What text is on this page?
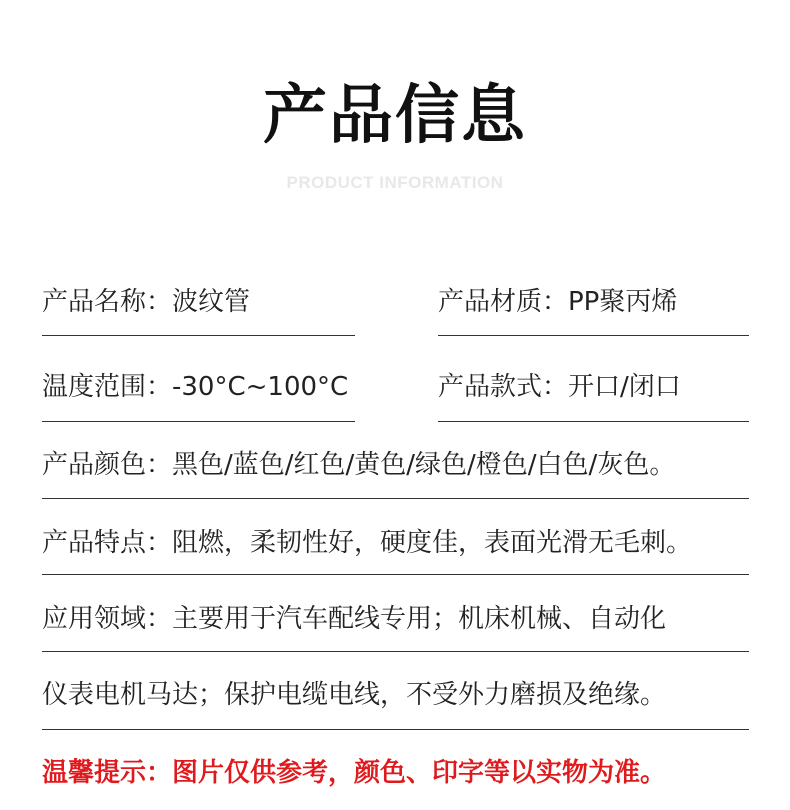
产品信息
PRODUCT INFORMATION
产品名称：波纹管	产品材质：PP聚丙烯
温度范围：-30°C~100°C	产品款式：开口/闭口
产品颜色：黑色/蓝色/红色/黄色/绿色/橙色/白色/灰色。
产品特点：阻燃，柔韧性好，硬度佳，表面光滑无毛刺。
应用领域：主要用于汽车配线专用；机床机械、自动化
仪表电机马达；保护电缆电线，不受外力磨损及绝缘。
温馨提示：图片仅供参考，颜色、印字等以实物为准。
